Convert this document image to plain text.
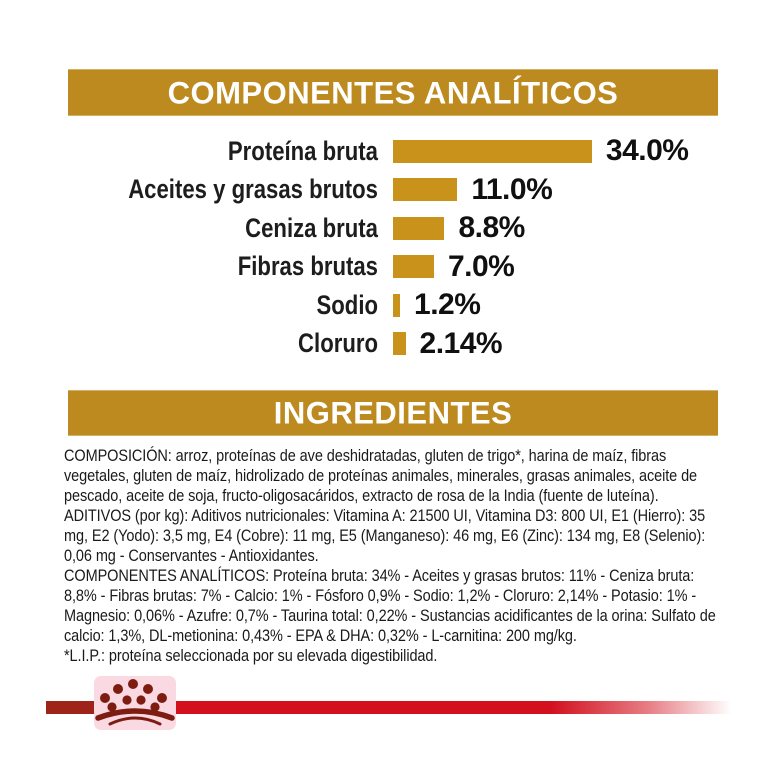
COMPONENTES ANALÍTICOS
Proteína bruta	34.0%
Aceites y grasas brutos	11.0%
Ceniza bruta	8.8%
Fibras brutas 7.0%
Sodio 1.2%
Cloruro 2.14%
INGREDIENTES

COMPOSICIÓN: arroz, proteínas de ave deshidratadas, gluten de trigo*, harina de maíz, fibras vegetales, gluten de maíz, hidrolizado de proteínas animales, minerales, grasas animales, aceite de pescado, aceite de soja, fructo-oligosacáridos, extracto de rosa de la India (fuente de luteína).

ADITIVOS (por kg): Aditivos nutricionales: Vitamina A: 21500 UI, Vitamina D3: 800 UI, E1 (Hierro): 35 mg, E2 (Yodo): 3,5 mg, E4 (Cobre): 11 mg, E5 (Manganeso): 46 mg, E6 (Zinc): 134 mg, E8 (Selenio): 0,06 mg - Conservantes - Antioxidantes.

COMPONENTES ANALÍTICOS: Proteína bruta: 34% - Aceites y grasas brutos: 11% - Ceniza bruta: 8,8% - Fibras brutas: 7% - Calcio: 1% - Fósforo 0,9% - Sodio: 1,2% - Cloruro: 2,14% - Potasio: 1% - Magnesio: 0,06% - Azufre: 0,7% - Taurina total: 0,22% - Sustancias acidificantes de la orina: Sulfato de calcio: 1,3%, DL-metionina: 0,43% - EPA & DHA: 0,32% - L-carnitina: 200 mg/kg.

*L.I.P.: proteína seleccionada por su elevada digestibilidad.
